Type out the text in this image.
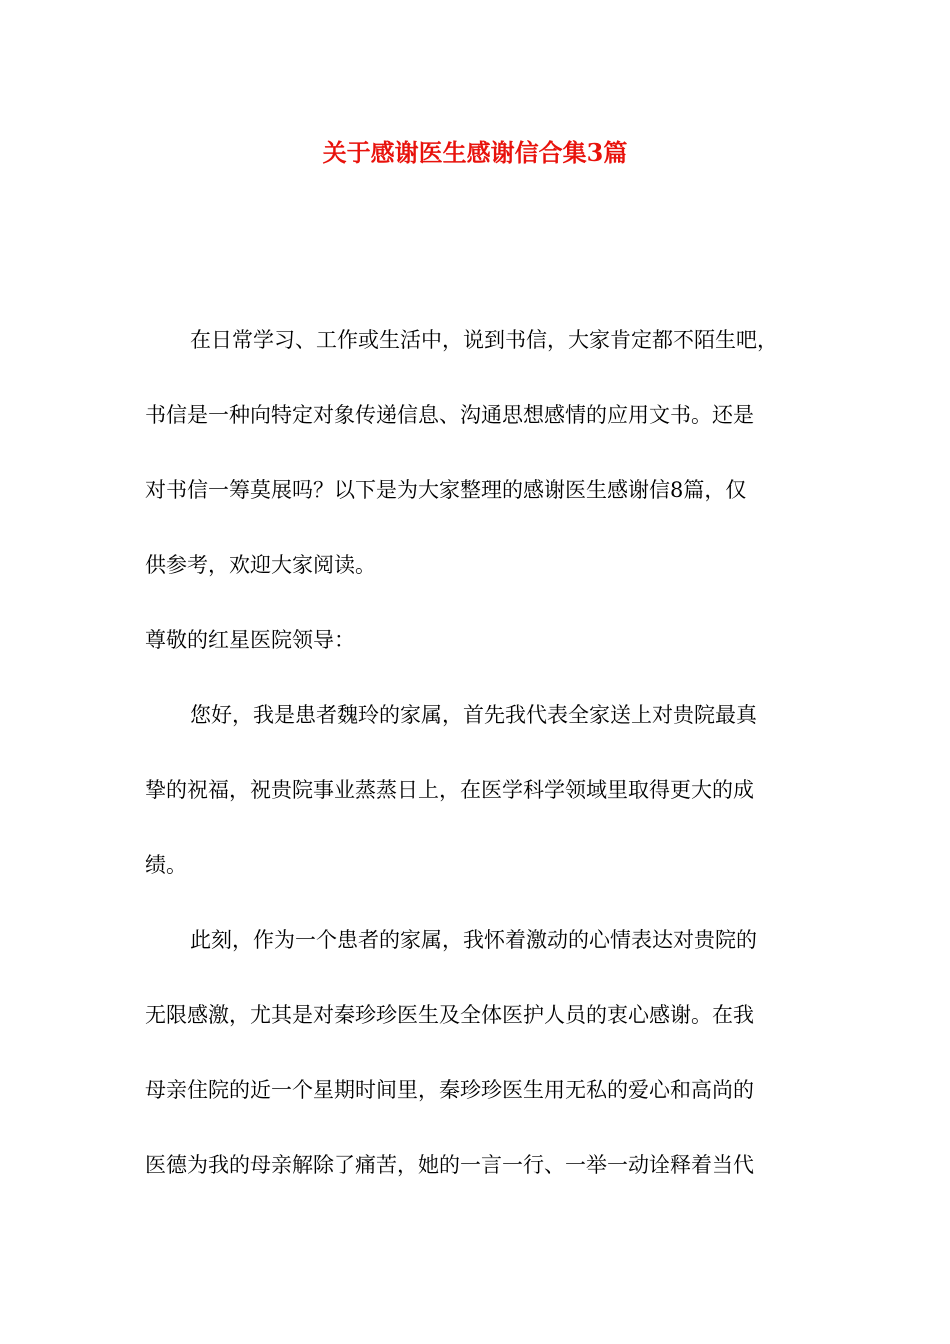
关于感谢医生感谢信合集3篇

在日常学习、工作或生活中，说到书信，大家肯定都不陌生吧，

书信是一种向特定对象传递信息、沟通思想感情的应用文书。还是

对书信一筹莫展吗？以下是为大家整理的感谢医生感谢信8篇，仅

供参考，欢迎大家阅读。

尊敬的红星医院领导：

您好，我是患者魏玲的家属，首先我代表全家送上对贵院最真

挚的祝福，祝贵院事业蒸蒸日上，在医学科学领域里取得更大的成

绩。

此刻，作为一个患者的家属，我怀着激动的心情表达对贵院的

无限感激，尤其是对秦珍珍医生及全体医护人员的衷心感谢。在我

母亲住院的近一个星期时间里，秦珍珍医生用无私的爱心和高尚的

医德为我的母亲解除了痛苦，她的一言一行、一举一动诠释着当代
